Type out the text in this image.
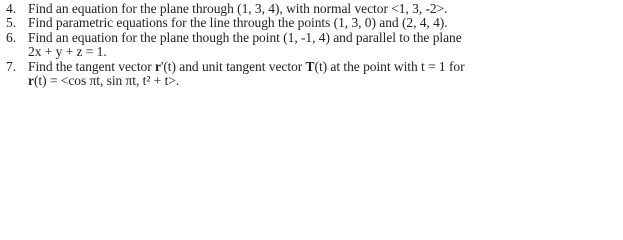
4. Find an equation for the plane through (1, 3, 4), with normal vector <1, 3, -2>.
5. Find parametric equations for the line through the points (1, 3, 0) and (2, 4, 4).
6. Find an equation for the plane though the point (1, -1, 4) and parallel to the plane
2x + y + z = 1.
7. Find the tangent vector r'(t) and unit tangent vector T(t) at the point with t = 1 for
r(t) = <cos πt, sin πt, t² + t>.
